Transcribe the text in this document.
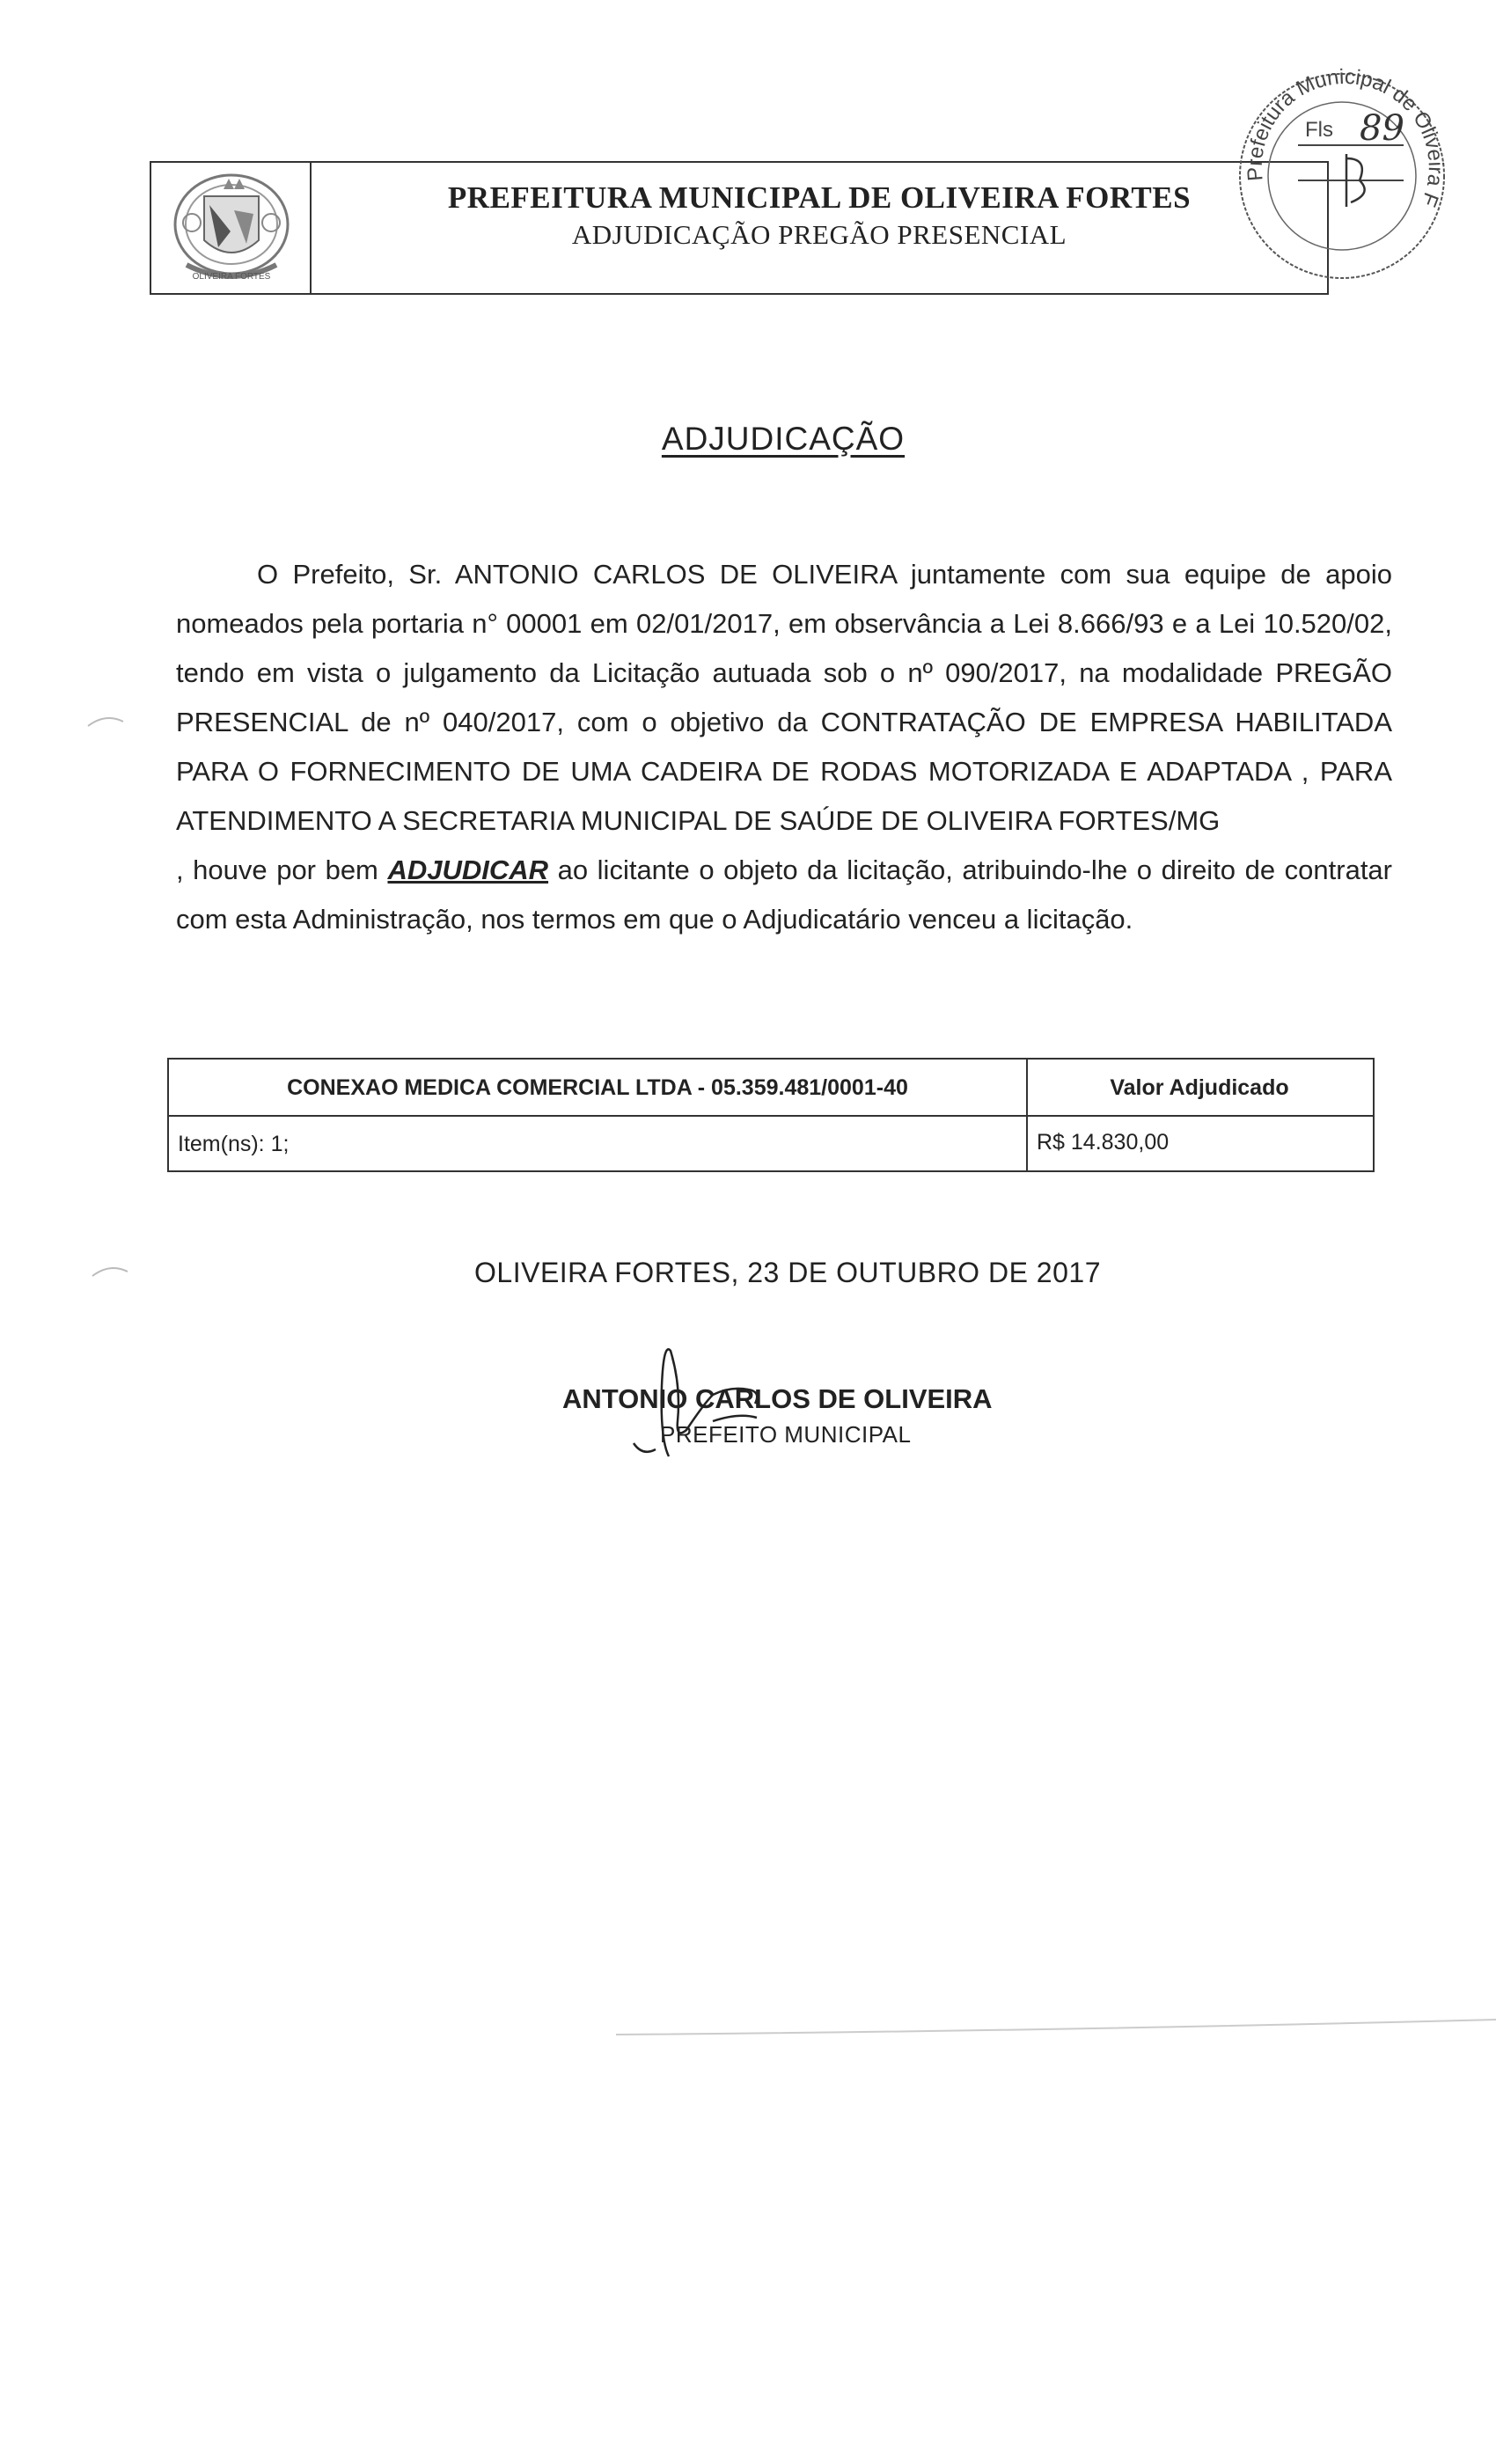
OLIVEIRA FORTES
PREFEITURA MUNICIPAL DE OLIVEIRA FORTES
ADJUDICAÇÃO PREGÃO PRESENCIAL
Prefeitura Municipal de Oliveira F
Fls 89
ADJUDICAÇÃO

O Prefeito, Sr. ANTONIO CARLOS DE OLIVEIRA juntamente com sua equipe de apoio nomeados pela portaria n° 00001 em 02/01/2017, em observância a Lei 8.666/93 e a Lei 10.520/02, tendo em vista o julgamento da Licitação autuada sob o nº 090/2017, na modalidade PREGÃO PRESENCIAL de nº 040/2017, com o objetivo da CONTRATAÇÃO DE EMPRESA HABILITADA PARA O FORNECIMENTO DE UMA CADEIRA DE RODAS MOTORIZADA E ADAPTADA , PARA ATENDIMENTO A SECRETARIA MUNICIPAL DE SAÚDE DE OLIVEIRA FORTES/MG

, houve por bem ADJUDICAR ao licitante o objeto da licitação, atribuindo-lhe o direito de contratar com esta Administração, nos termos em que o Adjudicatário venceu a licitação.

CONEXAO MEDICA COMERCIAL LTDA - 05.359.481/0001-40	Valor Adjudicado
Item(ns): 1;	R$ 14.830,00
OLIVEIRA FORTES, 23 DE OUTUBRO DE 2017
ANTONIO CARLOS DE OLIVEIRA
PREFEITO MUNICIPAL
